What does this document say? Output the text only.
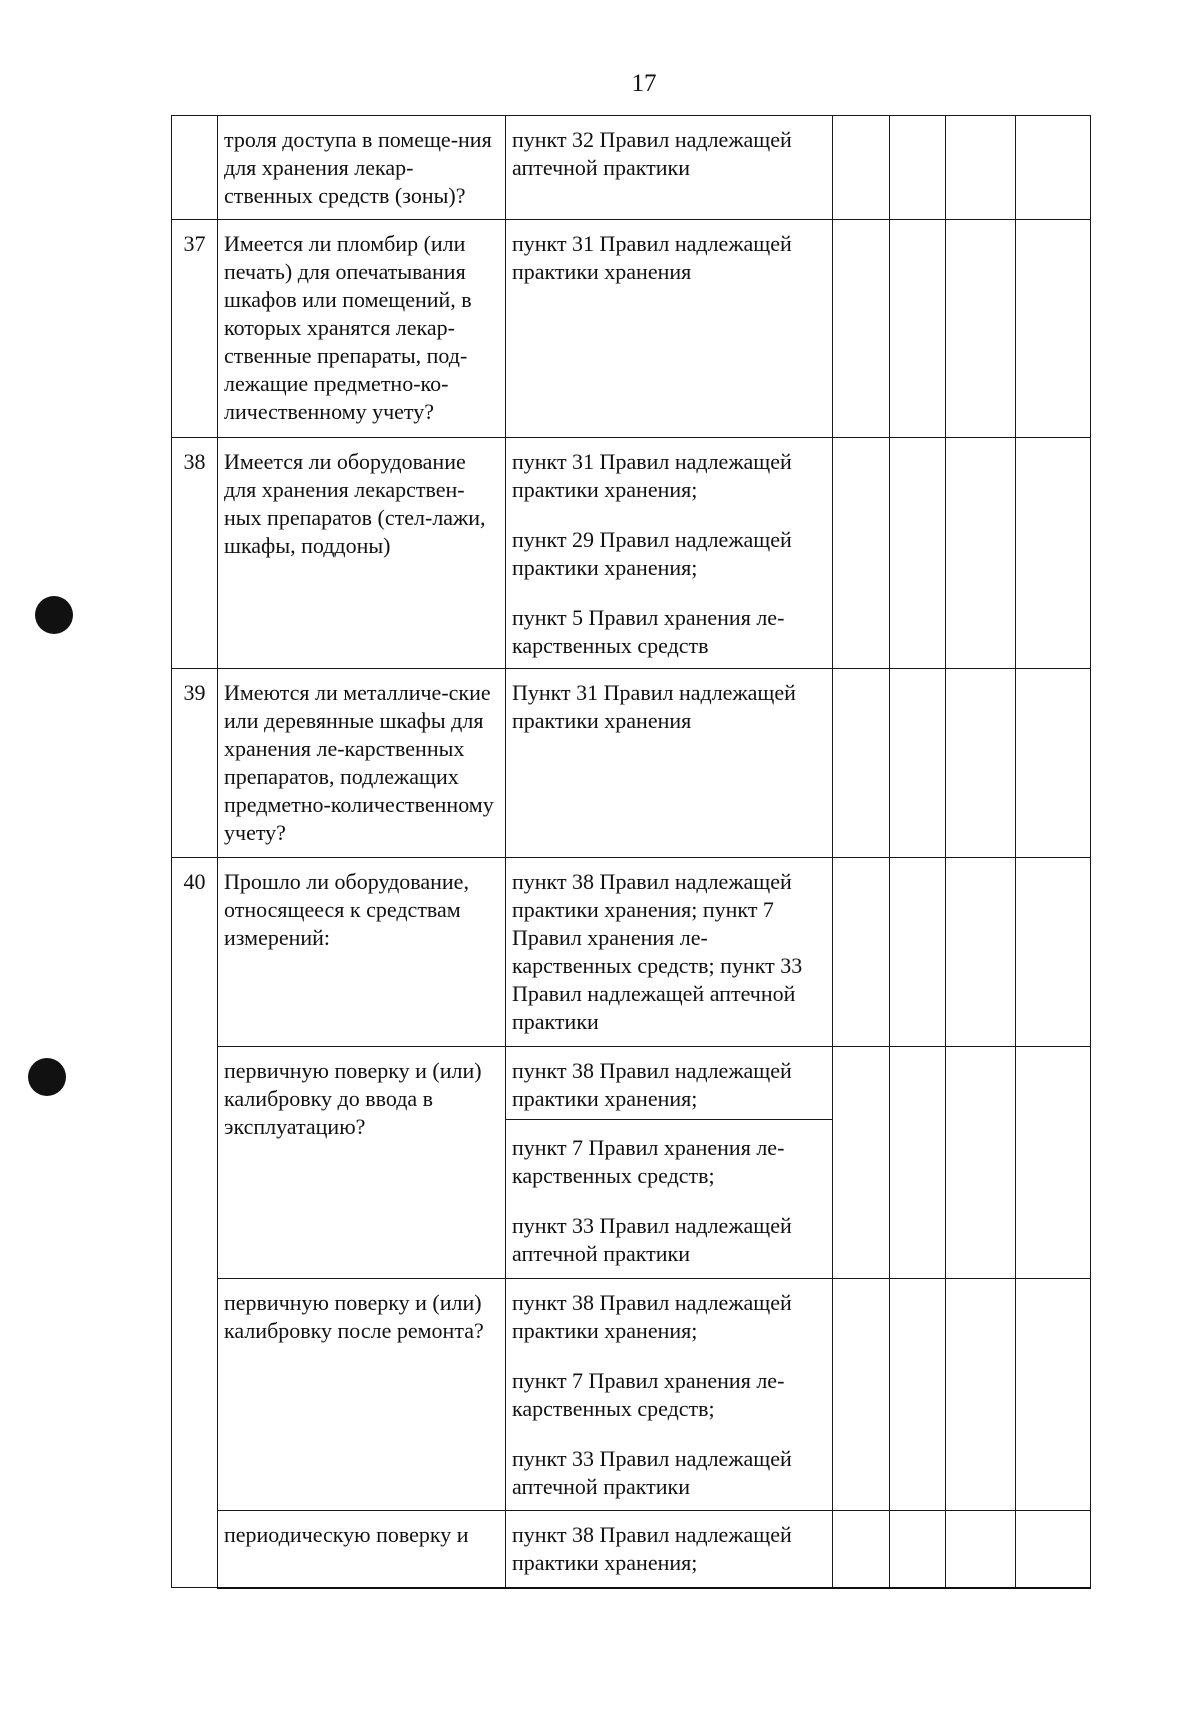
17
	троля доступа в помеще-ния для хранения лекар-ственных средств (зоны)?	пункт 32 Правил надлежащей аптечной практики				

37	Имеется ли пломбир (или печать) для опечатывания шкафов или помещений, в которых хранятся лекар-ственные препараты, под-лежащие предметно-ко-личественному учету?	пункт 31 Правил надлежащей практики хранения				

38	Имеется ли оборудование для хранения лекарствен-ных препаратов (стел-лажи, шкафы, поддоны)	пункт 31 Правил надлежащей практики хранения;
пункт 29 Правил надлежащей практики хранения;
пункт 5 Правил хранения ле-карственных средств				

39	Имеются ли металличе-ские или деревянные шкафы для хранения ле-карственных препаратов, подлежащих предметно-количественному учету?	Пункт 31 Правил надлежащей практики хранения				

40	Прошло ли оборудование, относящееся к средствам измерений:	пункт 38 Правил надлежащей практики хранения; пункт 7 Правил хранения ле-карственных средств; пункт 33 Правил надлежащей аптечной практики				

	первичную поверку и (или) калибровку до ввода в эксплуатацию?	пункт 38 Правил надлежащей практики хранения;
пункт 7 Правил хранения ле-карственных средств;
пункт 33 Правил надлежащей аптечной практики				

	первичную поверку и (или) калибровку после ремонта?	пункт 38 Правил надлежащей практики хранения;
пункт 7 Правил хранения ле-карственных средств;
пункт 33 Правил надлежащей аптечной практики				

	периодическую поверку и	пункт 38 Правил надлежащей практики хранения;				
